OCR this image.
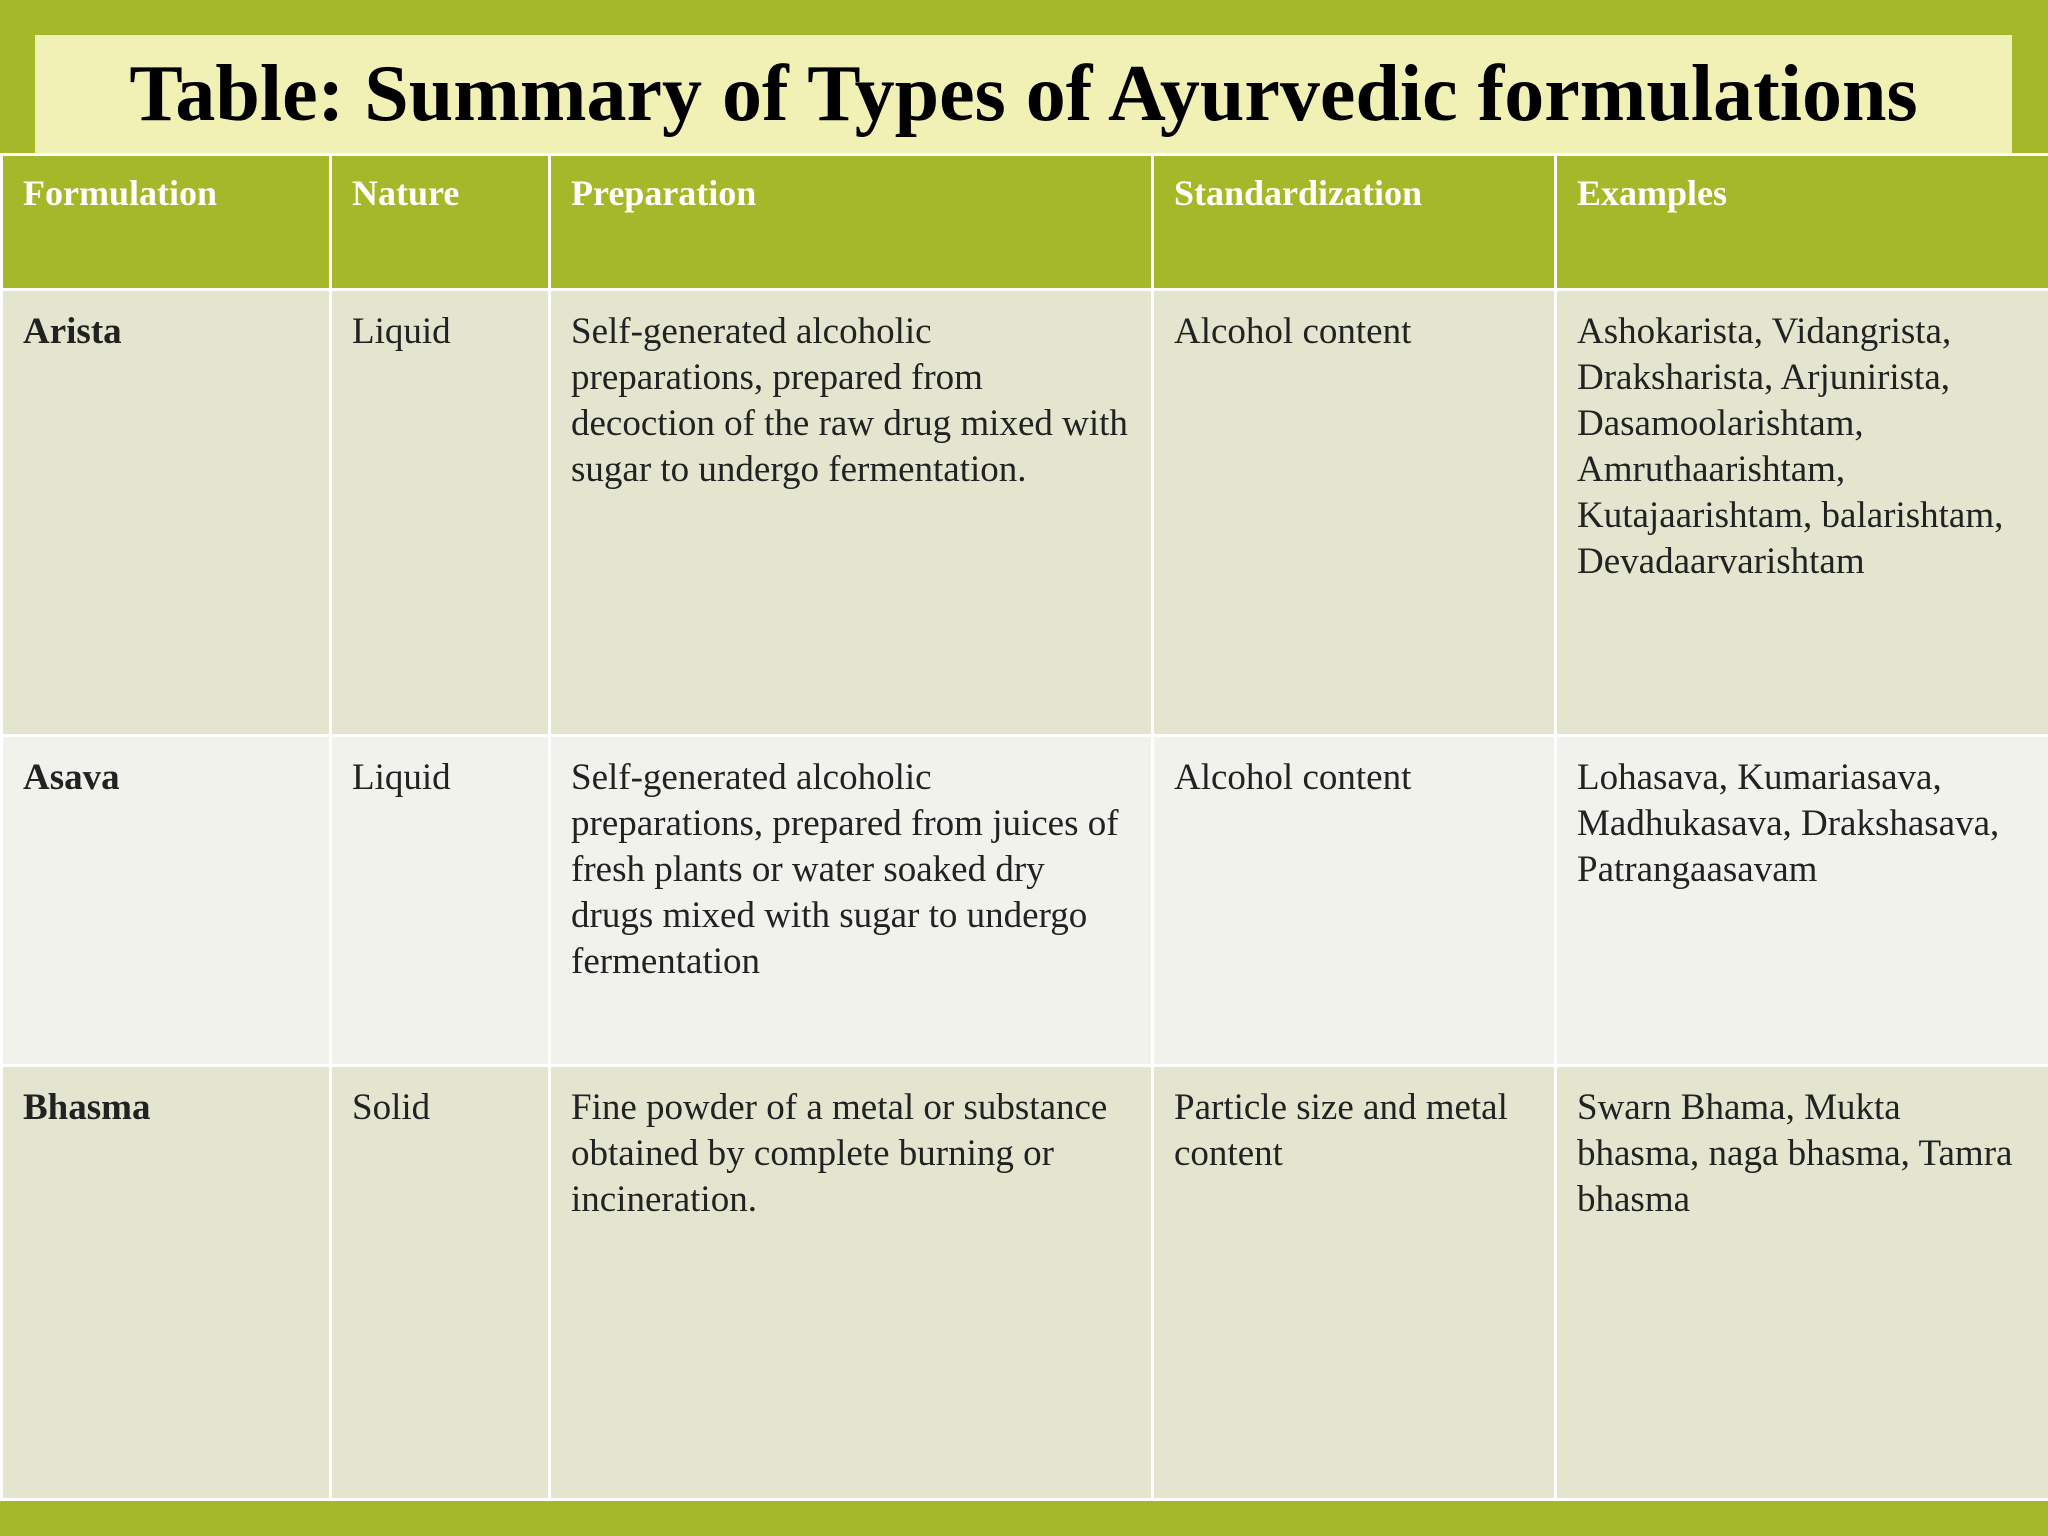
Table: Summary of Types of Ayurvedic formulations
Formulation	Nature	Preparation	Standardization	Examples
Arista	Liquid	Self-generated alcoholic preparations, prepared from decoction of the raw drug mixed with sugar to undergo fermentation.	Alcohol content	Ashokarista, Vidangrista, Draksharista, Arjunirista, Dasamoolarishtam, Amruthaarishtam, Kutajaarishtam, balarishtam, Devadaarvarishtam
Asava	Liquid	Self-generated alcoholic preparations, prepared from juices of fresh plants or water soaked dry drugs mixed with sugar to undergo fermentation	Alcohol content	Lohasava, Kumariasava, Madhukasava, Drakshasava, Patrangaasavam
Bhasma	Solid	Fine powder of a metal or substance obtained by complete burning or incineration.	Particle size and metal content	Swarn Bhama, Mukta bhasma, naga bhasma, Tamra bhasma
